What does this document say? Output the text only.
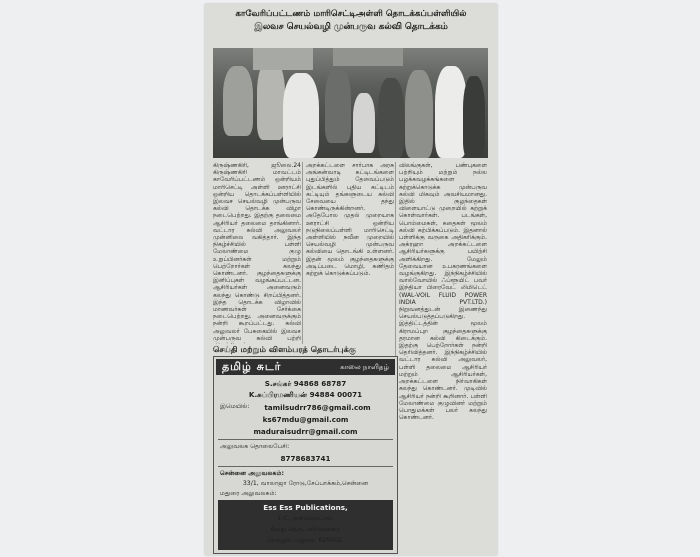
காவேரிப்பட்டணம் மாரிசெட்டிஅள்ளி தொடக்கப்பள்ளியில்
இலவச செயல்வழி முன்பருவ கல்வி தொடக்கம்
கிருஷ்ணகிரி, ஜூலை.24 கிருஷ்ணகிரி மாவட்டம் காவேரிப்பட்டணம் ஒன்றியம் மாரிசெட்டி அள்ளி ஊராட்சி ஒன்றிய தொடக்கப்பள்ளியில் இலவச செயல்வழி முன்பருவ கல்வி தொடக்க விழா நடைபெற்றது. இதற்கு தலைமை ஆசிரியர் தலைமை தாங்கினார். வட்டார கல்வி அலுவலர் முன்னிலை வகித்தார். இந்த நிகழ்ச்சியில் பள்ளி மேலாண்மை குழு உறுப்பினர்கள் மற்றும் பெற்றோர்கள் கலந்து கொண்டனர். குழந்தைகளுக்கு இனிப்புகள் வழங்கப்பட்டன. ஆசிரியர்கள் அனைவரும் கலந்து கொண்டு சிறப்பித்தனர். இந்த தொடக்க விழாவில் மாணவர்கள் சேர்க்கை நடைபெற்றது. அனைவருக்கும் நன்றி கூறப்பட்டது. கல்வி அலுவலர் பேசுகையில் இலவச முன்பருவ கல்வி பற்றி
அறக்கட்டளை சார்பாக அரசு அங்கன்வாடி கட்டிடங்களை புதுப்பித்தும் தேவைப்படும் இடங்களில் புதிய கட்டிடம் கட்டியும் தங்களுடைய கல்வி சேவையை தந்து கொண்டிருக்கின்றனர். அதேபோல முதல் முறையாக ஊராட்சி ஒன்றிய நடுநிலைப்பள்ளி மாரிசெட்டி அள்ளியில் நவீன முறையில் செயல்வழி முன்பருவ கல்வியை தொடங்கி உள்ளனர். இதன் மூலம் குழந்தைகளுக்கு அடிப்படை மொழி, கணிதம் கற்றுக் கொடுக்கப்படும்.
விலங்குகள், பண்புகளை பற்றியும் மற்றும் நல்ல பழக்கவழக்கங்களை கற்றுக்கொடுக்க முன்பருவ கல்வி மிகவும் அவசியமானது. இதில் குழந்தைகள் விளையாட்டு முறையில் கற்றுக் கொள்வார்கள். படங்கள், பொம்மைகள், கதைகள் மூலம் கல்வி கற்பிக்கப்படும். இதனால் பள்ளிக்கு வருகை அதிகரிக்கும். அக்ரஹா அறக்கட்டளை ஆசிரியர்களுக்கு பயிற்சி அளிக்கிறது. மேலும் தேவையான உபகரணங்களை வழங்குகிறது. இந்நிகழ்ச்சியில் வால்வோயில் ஃப்ளூயிட் பவர் இந்தியா பிரைவேட் லிமிடெட் (WAL-VOIL FLUID POWER INDIA PVT.LTD.) நிறுவனத்துடன் இணைந்து செயல்படுத்தப்படுகிறது. இத்திட்டத்தின் மூலம் கிராமப்புற குழந்தைகளுக்கு தரமான கல்வி கிடைக்கும். இதற்கு பெற்றோர்கள் நன்றி தெரிவித்தனர். இந்நிகழ்ச்சியில் வட்டார கல்வி அலுவலர், பள்ளி தலைமை ஆசிரியர் மற்றும் ஆசிரியர்கள், அறக்கட்டளை நிர்வாகிகள் கலந்து கொண்டனர். முடிவில் ஆசிரியர் நன்றி கூறினார். பள்ளி மேலாண்மை குழுவினர் மற்றும் பொதுமக்கள் பலர் கலந்து கொண்டனர்.
செய்தி மற்றும் விளம்பரத் தொடர்புக்கு
தமிழ் சுடர்	காலை நாளிதழ்
S.சங்கர் 94868 68787
K.சுப்பிரமணியன் 94884 00071
இமெயில்:	tamilsudrr786@gmail.com
ks67mdu@gmail.com
maduraisudrr@gmail.com
அலுவலக தொலைபேசி:
8778683741
சென்னை அலுவலகம்:
33/1, வாலாஜா ரோடு,சேப்பாக்கம்,சென்னை
மதுரை அலுவலகம்:
Ess Ess Publications,
1-C, அகிம்ஷாபுரம்,
6வது தெரு, விரிவாக்கம்
செல்லூர், மதுரை. 625002.
